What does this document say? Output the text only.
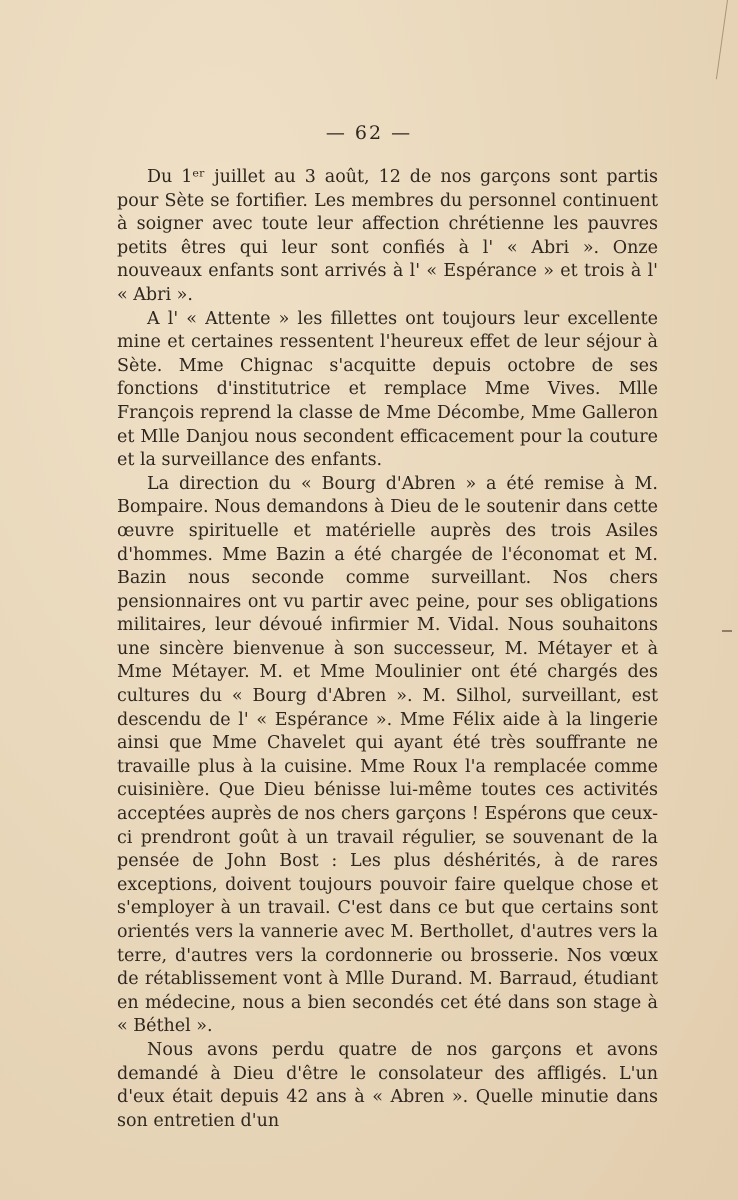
— 62 —

Du 1ᵉʳ juillet au 3 août, 12 de nos garçons sont partis pour Sète se fortifier. Les membres du personnel continuent à soigner avec toute leur affection chrétienne les pauvres petits êtres qui leur sont confiés à l' « Abri ». Onze nouveaux enfants sont arrivés à l' « Espérance » et trois à l' « Abri ».

A l' « Attente » les fillettes ont toujours leur excellente mine et certaines ressentent l'heureux effet de leur séjour à Sète. Mme Chignac s'acquitte depuis octobre de ses fonctions d'institutrice et remplace Mme Vives. Mlle François reprend la classe de Mme Décombe, Mme Galleron et Mlle Danjou nous secondent efficacement pour la couture et la surveillance des enfants.

La direction du « Bourg d'Abren » a été remise à M. Bompaire. Nous demandons à Dieu de le soutenir dans cette œuvre spirituelle et matérielle auprès des trois Asiles d'hommes. Mme Bazin a été chargée de l'économat et M. Bazin nous seconde comme surveillant. Nos chers pensionnaires ont vu partir avec peine, pour ses obligations militaires, leur dévoué infirmier M. Vidal. Nous souhaitons une sincère bienvenue à son successeur, M. Métayer et à Mme Métayer. M. et Mme Moulinier ont été chargés des cultures du « Bourg d'Abren ». M. Silhol, surveillant, est descendu de l' « Espérance ». Mme Félix aide à la lingerie ainsi que Mme Chavelet qui ayant été très souffrante ne travaille plus à la cuisine. Mme Roux l'a remplacée comme cuisinière. Que Dieu bénisse lui-même toutes ces activités acceptées auprès de nos chers garçons ! Espérons que ceux-ci prendront goût à un travail régulier, se souvenant de la pensée de John Bost : Les plus déshérités, à de rares exceptions, doivent toujours pouvoir faire quelque chose et s'employer à un travail. C'est dans ce but que certains sont orientés vers la vannerie avec M. Berthollet, d'autres vers la terre, d'autres vers la cordonnerie ou brosserie. Nos vœux de rétablissement vont à Mlle Durand. M. Barraud, étudiant en médecine, nous a bien secondés cet été dans son stage à « Béthel ».

Nous avons perdu quatre de nos garçons et avons demandé à Dieu d'être le consolateur des affligés. L'un d'eux était depuis 42 ans à « Abren ». Quelle minutie dans son entretien d'un
